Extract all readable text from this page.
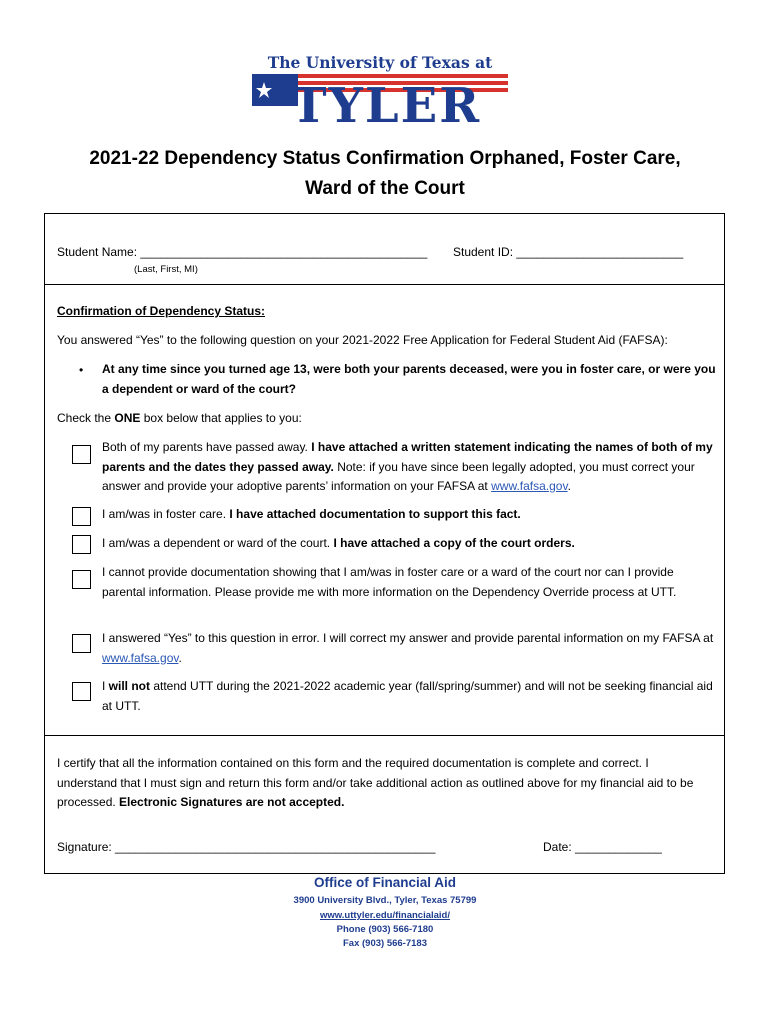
The University of Texas at
TYLER
2021-22 Dependency Status Confirmation Orphaned, Foster Care,
Ward of the Court
Student Name: ___________________________________________
(Last, First, MI)
Student ID: _________________________
Confirmation of Dependency Status:
You answered “Yes” to the following question on your 2021-2022 Free Application for Federal Student Aid (FAFSA):
• At any time since you turned age 13, were both your parents deceased, were you in foster care, or were you
a dependent or ward of the court?
Check the ONE box below that applies to you:
Both of my parents have passed away. I have attached a written statement indicating the names of both of my parents and the dates they passed away. Note: if you have since been legally adopted, you must correct your answer and provide your adoptive parents’ information on your FAFSA at www.fafsa.gov.
I am/was in foster care. I have attached documentation to support this fact.
I am/was a dependent or ward of the court. I have attached a copy of the court orders.
I cannot provide documentation showing that I am/was in foster care or a ward of the court nor can I provide parental information. Please provide me with more information on the Dependency Override process at UTT.
I answered “Yes” to this question in error. I will correct my answer and provide parental information on my FAFSA at www.fafsa.gov.
I will not attend UTT during the 2021-2022 academic year (fall/spring/summer) and will not be seeking financial aid at UTT.
I certify that all the information contained on this form and the required documentation is complete and correct. I understand that I must sign and return this form and/or take additional action as outlined above for my financial aid to be processed. Electronic Signatures are not accepted.
Signature: ________________________________________________	Date: _____________
Office of Financial Aid
3900 University Blvd., Tyler, Texas 75799
www.uttyler.edu/financialaid/
Phone (903) 566-7180
Fax (903) 566-7183
